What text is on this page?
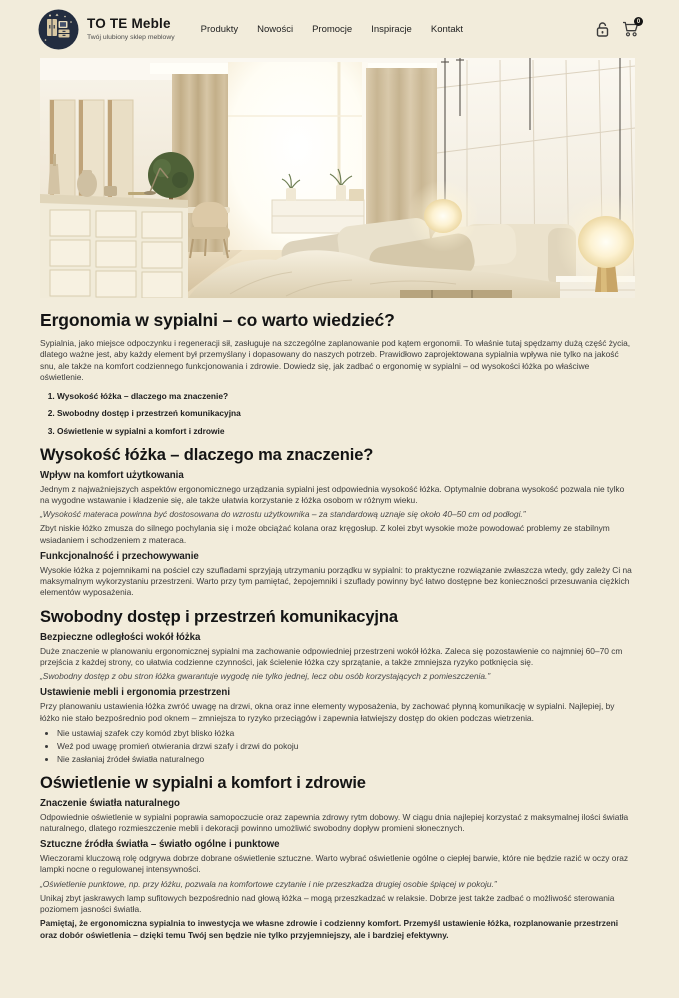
TO TE Meble
Twój ulubiony sklep meblowy
Produkty Nowości Promocje Inspiracje Kontakt
0
Ergonomia w sypialni – co warto wiedzieć?

Sypialnia, jako miejsce odpoczynku i regeneracji sił, zasługuje na szczególne zaplanowanie pod kątem ergonomii. To właśnie tutaj spędzamy dużą część życia, dlatego ważne jest, aby każdy element był przemyślany i dopasowany do naszych potrzeb. Prawidłowo zaprojektowana sypialnia wpływa nie tylko na jakość snu, ale także na komfort codziennego funkcjonowania i zdrowie. Dowiedz się, jak zadbać o ergonomię w sypialni – od wysokości łóżka po właściwe oświetlenie.

1. Wysokość łóżka – dlaczego ma znaczenie?
2. Swobodny dostęp i przestrzeń komunikacyjna
3. Oświetlenie w sypialni a komfort i zdrowie
Wysokość łóżka – dlaczego ma znaczenie?
Wpływ na komfort użytkowania

Jednym z najważniejszych aspektów ergonomicznego urządzania sypialni jest odpowiednia wysokość łóżka. Optymalnie dobrana wysokość pozwala nie tylko na wygodne wstawanie i kładzenie się, ale także ułatwia korzystanie z łóżka osobom w różnym wieku.

„Wysokość materaca powinna być dostosowana do wzrostu użytkownika – za standardową uznaje się około 40–50 cm od podłogi.”

Zbyt niskie łóżko zmusza do silnego pochylania się i może obciążać kolana oraz kręgosłup. Z kolei zbyt wysokie może powodować problemy ze stabilnym wsiadaniem i schodzeniem z materaca.

Funkcjonalność i przechowywanie

Wysokie łóżka z pojemnikami na pościel czy szufladami sprzyjają utrzymaniu porządku w sypialni: to praktyczne rozwiązanie zwłaszcza wtedy, gdy zależy Ci na maksymalnym wykorzystaniu przestrzeni. Warto przy tym pamiętać, żepojemniki i szuflady powinny być łatwo dostępne bez konieczności przesuwania ciężkich elementów wyposażenia.

Swobodny dostęp i przestrzeń komunikacyjna
Bezpieczne odległości wokół łóżka

Duże znaczenie w planowaniu ergonomicznej sypialni ma zachowanie odpowiedniej przestrzeni wokół łóżka. Zaleca się pozostawienie co najmniej 60–70 cm przejścia z każdej strony, co ułatwia codzienne czynności, jak ścielenie łóżka czy sprzątanie, a także zmniejsza ryzyko potknięcia się.

„Swobodny dostęp z obu stron łóżka gwarantuje wygodę nie tylko jednej, lecz obu osób korzystających z pomieszczenia.”

Ustawienie mebli i ergonomia przestrzeni

Przy planowaniu ustawienia łóżka zwróć uwagę na drzwi, okna oraz inne elementy wyposażenia, by zachować płynną komunikację w sypialni. Najlepiej, by łóżko nie stało bezpośrednio pod oknem – zmniejsza to ryzyko przeciągów i zapewnia łatwiejszy dostęp do okien podczas wietrzenia.

• Nie ustawiaj szafek czy komód zbyt blisko łóżka
• Weź pod uwagę promień otwierania drzwi szafy i drzwi do pokoju
• Nie zasłaniaj źródeł światła naturalnego
Oświetlenie w sypialni a komfort i zdrowie
Znaczenie światła naturalnego

Odpowiednie oświetlenie w sypialni poprawia samopoczucie oraz zapewnia zdrowy rytm dobowy. W ciągu dnia najlepiej korzystać z maksymalnej ilości światła naturalnego, dlatego rozmieszczenie mebli i dekoracji powinno umożliwić swobodny dopływ promieni słonecznych.

Sztuczne źródła światła – światło ogólne i punktowe

Wieczorami kluczową rolę odgrywa dobrze dobrane oświetlenie sztuczne. Warto wybrać oświetlenie ogólne o ciepłej barwie, które nie będzie razić w oczy oraz lampki nocne o regulowanej intensywności.

„Oświetlenie punktowe, np. przy łóżku, pozwala na komfortowe czytanie i nie przeszkadza drugiej osobie śpiącej w pokoju.”

Unikaj zbyt jaskrawych lamp sufitowych bezpośrednio nad głową łóżka – mogą przeszkadzać w relaksie. Dobrze jest także zadbać o możliwość sterowania poziomem jasności światła.

Pamiętaj, że ergonomiczna sypialnia to inwestycja we własne zdrowie i codzienny komfort. Przemyśl ustawienie łóżka, rozplanowanie przestrzeni oraz dobór oświetlenia – dzięki temu Twój sen będzie nie tylko przyjemniejszy, ale i bardziej efektywny.
